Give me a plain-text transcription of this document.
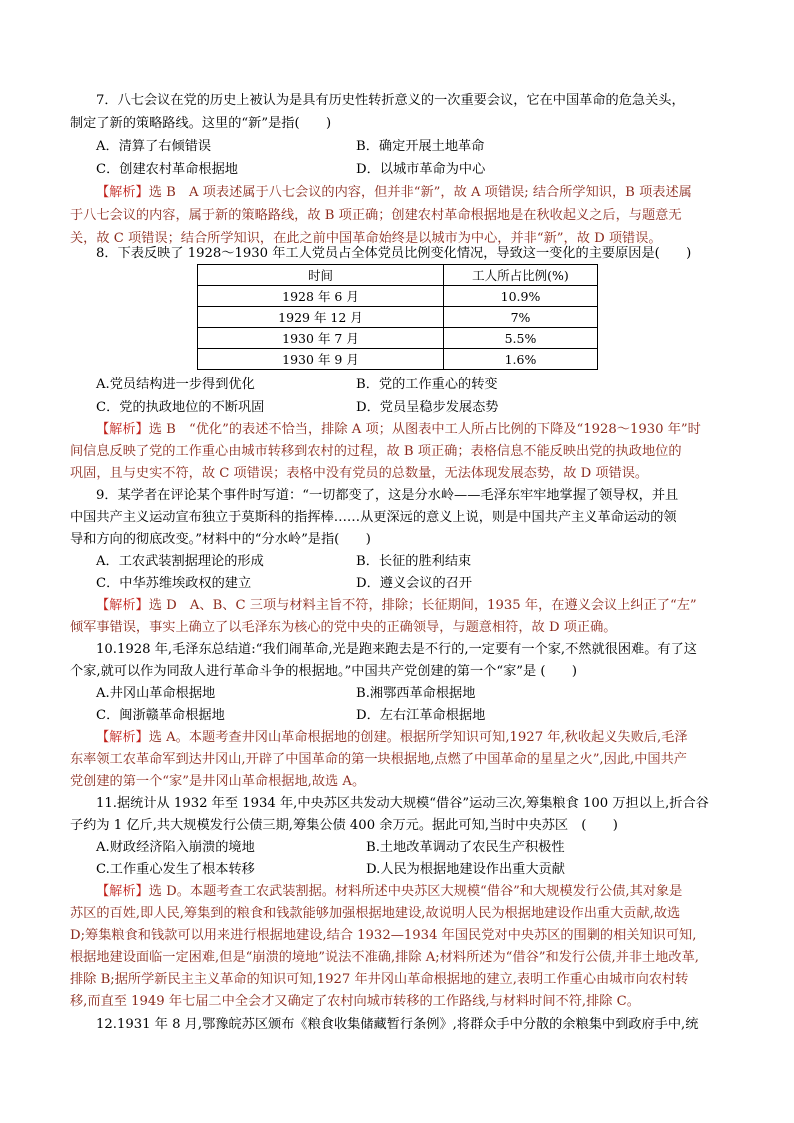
7．八七会议在党的历史上被认为是具有历史性转折意义的一次重要会议，它在中国革命的危急关头，
制定了新的策略路线。这里的“新”是指(　　)
A．清算了右倾错误	B．确定开展土地革命
C．创建农村革命根据地	D．以城市革命为中心
【解析】选 B　A 项表述属于八七会议的内容，但并非“新”，故 A 项错误; 结合所学知识，B 项表述属
于八七会议的内容，属于新的策略路线，故 B 项正确；创建农村革命根据地是在秋收起义之后，与题意无
关，故 C 项错误；结合所学知识，在此之前中国革命始终是以城市为中心，并非“新”，故 D 项错误。
8．下表反映了 1928～1930 年工人党员占全体党员比例变化情况，导致这一变化的主要原因是(　　)
时间	工人所占比例(%)
1928 年 6 月	10.9%
1929 年 12 月	7%
1930 年 7 月	5.5%
1930 年 9 月	1.6%
A.党员结构进一步得到优化	B．党的工作重心的转变
C．党的执政地位的不断巩固	D．党员呈稳步发展态势
【解析】选 B　“优化”的表述不恰当，排除 A 项；从图表中工人所占比例的下降及“1928～1930 年”时
间信息反映了党的工作重心由城市转移到农村的过程，故 B 项正确；表格信息不能反映出党的执政地位的
巩固，且与史实不符，故 C 项错误；表格中没有党员的总数量，无法体现发展态势，故 D 项错误。
9．某学者在评论某个事件时写道：“一切都变了，这是分水岭——毛泽东牢牢地掌握了领导权，并且
中国共产主义运动宣布独立于莫斯科的指挥棒……从更深远的意义上说，则是中国共产主义革命运动的领
导和方向的彻底改变。”材料中的“分水岭”是指(　　)
A．工农武装割据理论的形成	B．长征的胜利结束
C．中华苏维埃政权的建立	D．遵义会议的召开
【解析】选 D　A、B、C 三项与材料主旨不符，排除；长征期间，1935 年，在遵义会议上纠正了“左”
倾军事错误，事实上确立了以毛泽东为核心的党中央的正确领导，与题意相符，故 D 项正确。
10.1928 年,毛泽东总结道:“我们闹革命,光是跑来跑去是不行的,一定要有一个家,不然就很困难。有了这
个家,就可以作为同敌人进行革命斗争的根据地。”中国共产党创建的第一个“家”是 (　　)
A.井冈山革命根据地	B.湘鄂西革命根据地
C．闽浙赣革命根据地	D．左右江革命根据地
【解析】选 A。本题考查井冈山革命根据地的创建。根据所学知识可知,1927 年,秋收起义失败后,毛泽
东率领工农革命军到达井冈山,开辟了中国革命的第一块根据地,点燃了中国革命的星星之火”,因此,中国共产
党创建的第一个“家”是井冈山革命根据地,故选 A。
11.据统计从 1932 年至 1934 年,中央苏区共发动大规模“借谷”运动三次,筹集粮食 100 万担以上,折合谷
子约为 1 亿斤,共大规模发行公债三期,筹集公债 400 余万元。据此可知,当时中央苏区　(　　)
A.财政经济陷入崩溃的境地	B.土地改革调动了农民生产积极性
C.工作重心发生了根本转移	D.人民为根据地建设作出重大贡献
【解析】选 D。本题考查工农武装割据。材料所述中央苏区大规模“借谷”和大规模发行公债,其对象是
苏区的百姓,即人民,筹集到的粮食和钱款能够加强根据地建设,故说明人民为根据地建设作出重大贡献,故选
D;筹集粮食和钱款可以用来进行根据地建设,结合 1932—1934 年国民党对中央苏区的围剿的相关知识可知,
根据地建设面临一定困难,但是“崩溃的境地”说法不准确,排除 A;材料所述为“借谷”和发行公债,并非土地改革,
排除 B;据所学新民主主义革命的知识可知,1927 年井冈山革命根据地的建立,表明工作重心由城市向农村转
移,而直至 1949 年七届二中全会才又确定了农村向城市转移的工作路线,与材料时间不符,排除 C。
12.1931 年 8 月,鄂豫皖苏区颁布《粮食收集储藏暂行条例》,将群众手中分散的余粮集中到政府手中,统
